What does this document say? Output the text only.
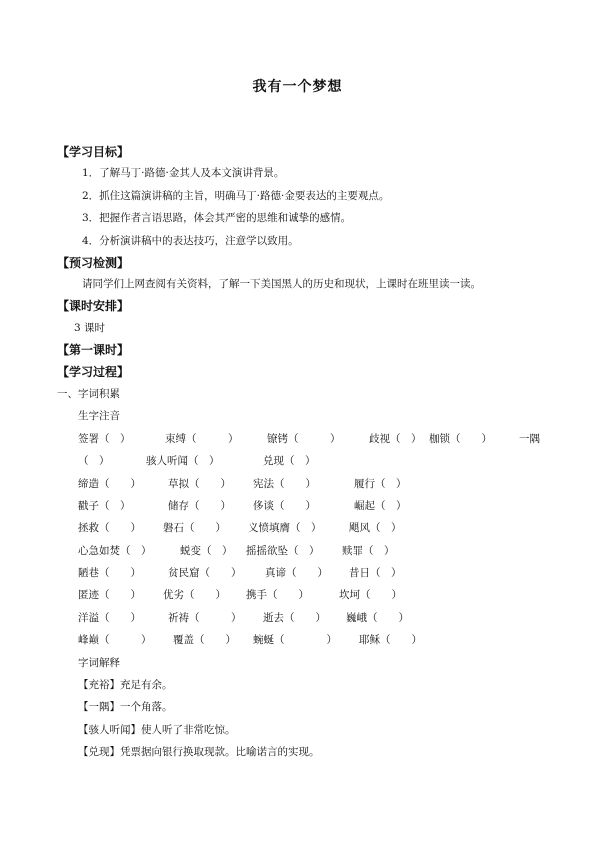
我有一个梦想
【学习目标】
1．了解马丁·路德·金其人及本文演讲背景。
2．抓住这篇演讲稿的主旨，明确马丁·路德·金要表达的主要观点。
3．把握作者言语思路，体会其严密的思维和诚挚的感情。
4．分析演讲稿中的表达技巧，注意学以致用。
【预习检测】
请同学们上网查阅有关资料，了解一下美国黑人的历史和现状，上课时在班里读一读。
【课时安排】
3 课时
【第一课时】
【学习过程】
一、字词积累
生字注音
签署（　）	束缚（　　　）	镣铐（　　　）	歧视（　） 枷锁（　　）	一隅
（　）	骇人听闻（　）	兑现（　）
缔造（　　）	草拟（　　） 宪法（　　）	履行（　）
戳子（　）	储存（　　） 侈谈（　　）	崛起（　）
拯救（　　） 磐石（　　） 义愤填膺（　）	飓风（　）
心急如焚（　）	蜕变（　） 摇摇欲坠（　） 赎罪（　）
陋巷（　　）	贫民窟（　　） 真谛（　　） 昔日（　）
匿迹（　　） 优劣（　　） 携手（　　）	坎坷（　　）
洋溢（　　）	祈祷（　　　） 逝去（　　） 巍峨（　　）
峰巅（　　　） 覆盖（　　） 蜿蜒（　　　　） 耶稣（　　）
字词解释
【充裕】充足有余。
【一隅】一个角落。
【骇人听闻】使人听了非常吃惊。
【兑现】凭票据向银行换取现款。比喻诺言的实现。
